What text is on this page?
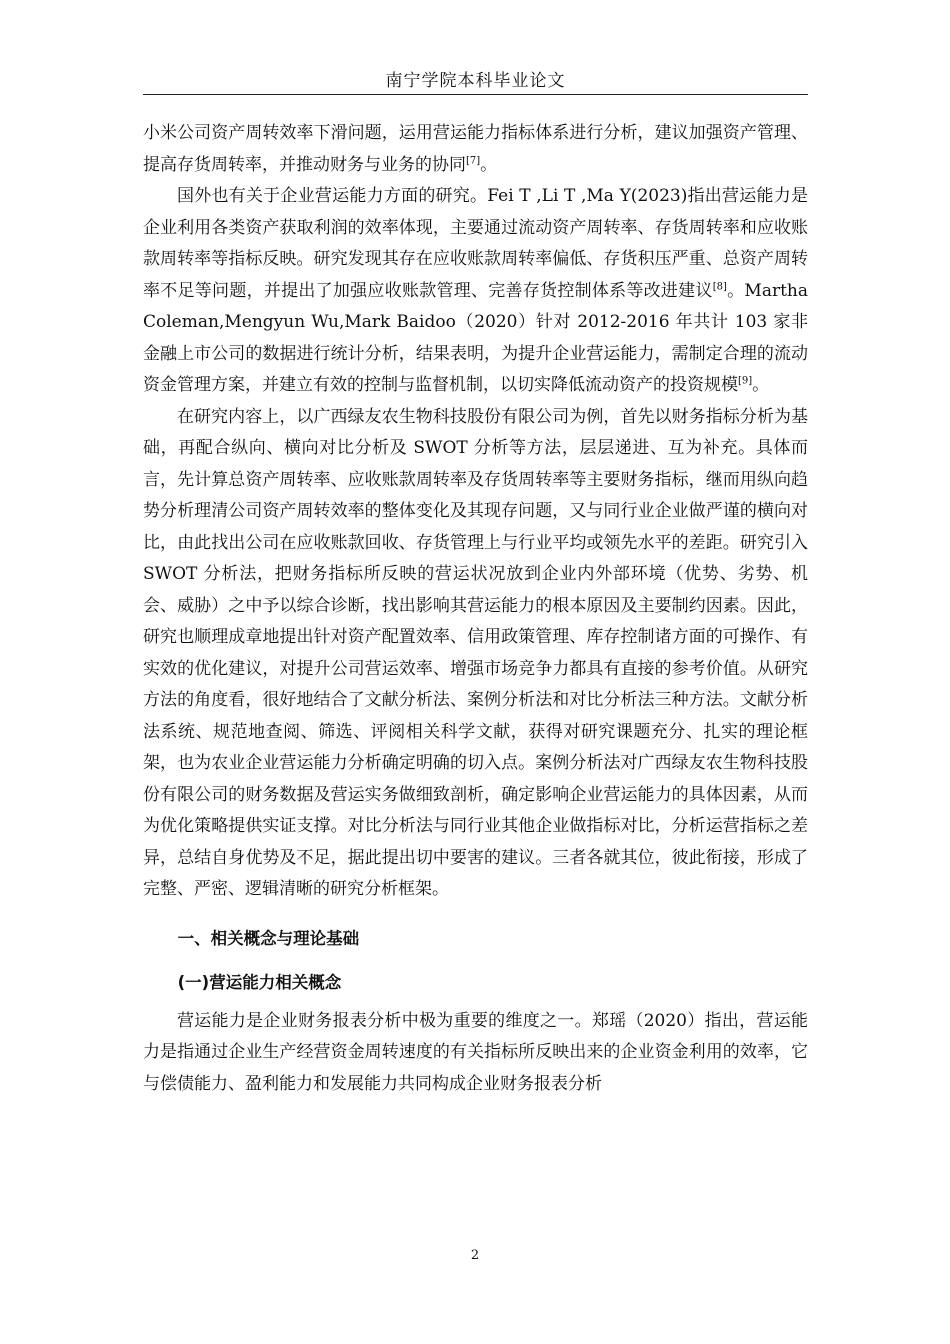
南宁学院本科毕业论文

小米公司资产周转效率下滑问题，运用营运能力指标体系进行分析，建议加强资产管理、提高存货周转率，并推动财务与业务的协同[7]。

国外也有关于企业营运能力方面的研究。Fei T ,Li T ,Ma Y(2023)指出营运能力是企业利用各类资产获取利润的效率体现，主要通过流动资产周转率、存货周转率和应收账款周转率等指标反映。研究发现其存在应收账款周转率偏低、存货积压严重、总资产周转率不足等问题，并提出了加强应收账款管理、完善存货控制体系等改进建议[8]。Martha Coleman,Mengyun Wu,Mark Baidoo（2020）针对 2012-2016 年共计 103 家非金融上市公司的数据进行统计分析，结果表明，为提升企业营运能力，需制定合理的流动资金管理方案，并建立有效的控制与监督机制，以切实降低流动资产的投资规模[9]。

在研究内容上，以广西绿友农生物科技股份有限公司为例，首先以财务指标分析为基础，再配合纵向、横向对比分析及 SWOT 分析等方法，层层递进、互为补充。具体而言，先计算总资产周转率、应收账款周转率及存货周转率等主要财务指标，继而用纵向趋势分析理清公司资产周转效率的整体变化及其现存问题，又与同行业企业做严谨的横向对比，由此找出公司在应收账款回收、存货管理上与行业平均或领先水平的差距。研究引入 SWOT 分析法，把财务指标所反映的营运状况放到企业内外部环境（优势、劣势、机会、威胁）之中予以综合诊断，找出影响其营运能力的根本原因及主要制约因素。因此，研究也顺理成章地提出针对资产配置效率、信用政策管理、库存控制诸方面的可操作、有实效的优化建议，对提升公司营运效率、增强市场竞争力都具有直接的参考价值。从研究方法的角度看，很好地结合了文献分析法、案例分析法和对比分析法三种方法。文献分析法系统、规范地查阅、筛选、评阅相关科学文献，获得对研究课题充分、扎实的理论框架，也为农业企业营运能力分析确定明确的切入点。案例分析法对广西绿友农生物科技股份有限公司的财务数据及营运实务做细致剖析，确定影响企业营运能力的具体因素，从而为优化策略提供实证支撑。对比分析法与同行业其他企业做指标对比，分析运营指标之差异，总结自身优势及不足，据此提出切中要害的建议。三者各就其位，彼此衔接，形成了完整、严密、逻辑清晰的研究分析框架。

一、相关概念与理论基础

(一)营运能力相关概念

营运能力是企业财务报表分析中极为重要的维度之一。郑瑶（2020）指出，营运能力是指通过企业生产经营资金周转速度的有关指标所反映出来的企业资金利用的效率，它与偿债能力、盈利能力和发展能力共同构成企业财务报表分析

2
